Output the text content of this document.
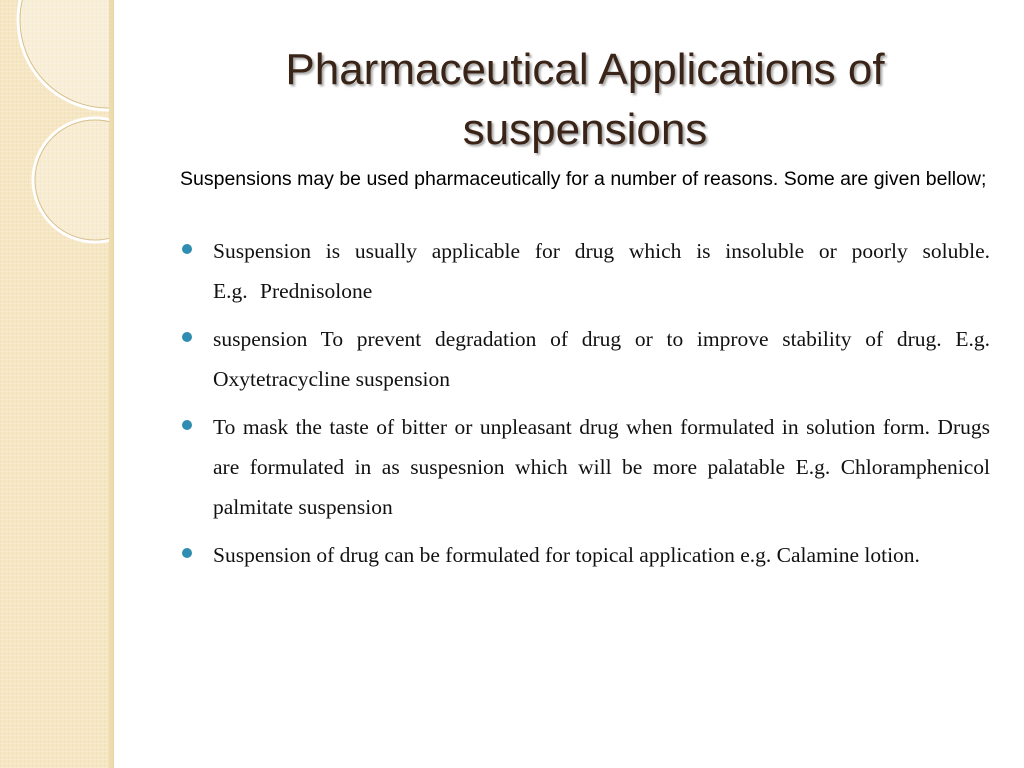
Pharmaceutical Applications of suspensions

Suspensions may be used pharmaceutically for a number of reasons. Some are given bellow;

Suspension is usually applicable for drug which is insoluble or poorly soluble. E.g. Prednisolone
suspension To prevent degradation of drug or to improve stability of drug. E.g. Oxytetracycline suspension
To mask the taste of bitter or unpleasant drug when formulated in solution form. Drugs are formulated in as suspesnion which will be more palatable E.g. Chloramphenicol palmitate suspension
Suspension of drug can be formulated for topical application e.g. Calamine lotion.
